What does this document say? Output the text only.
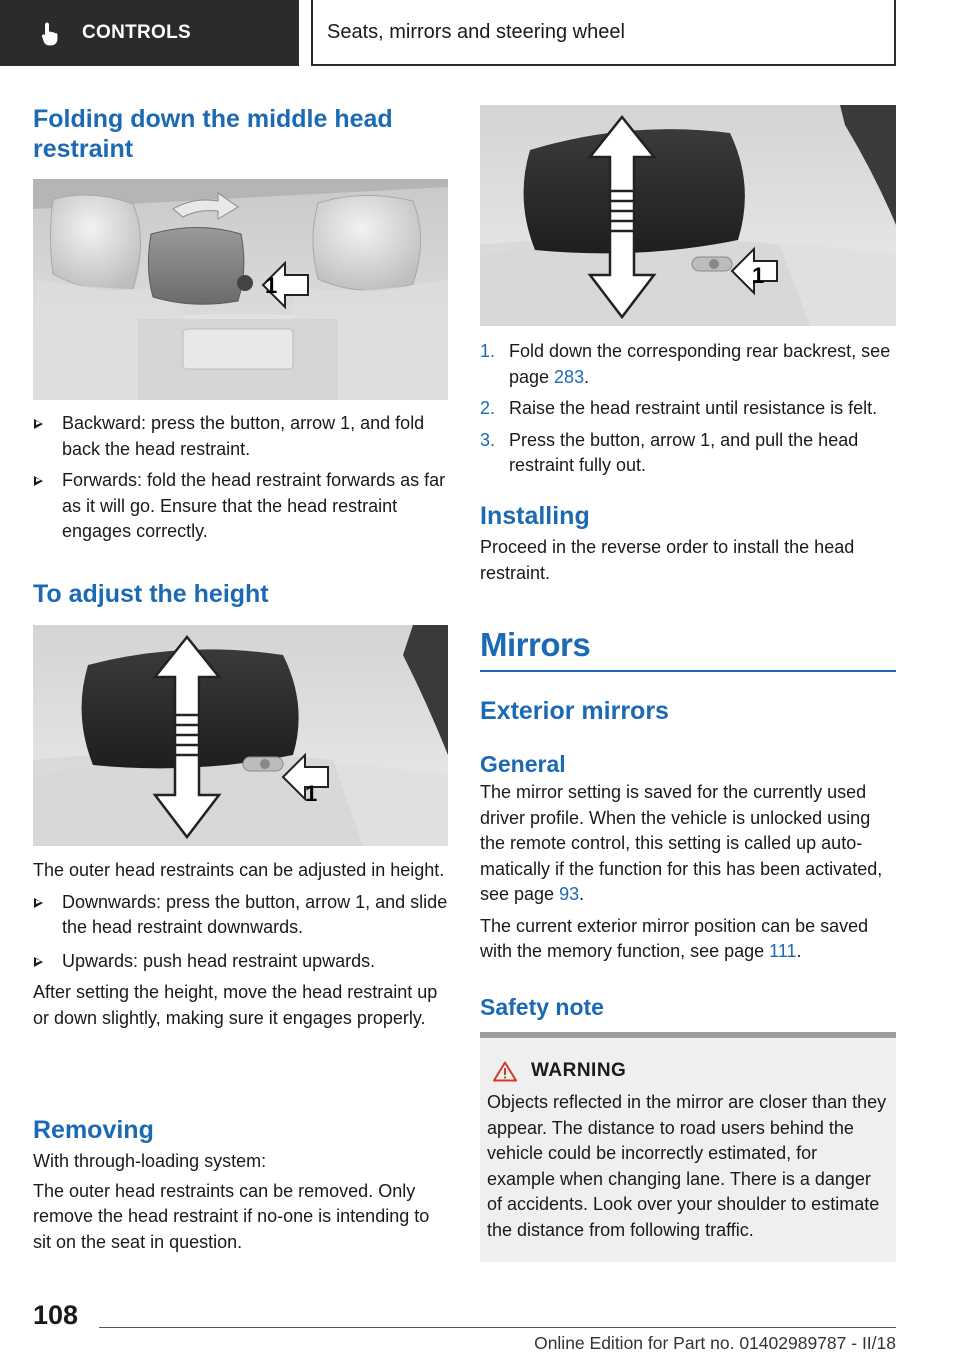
CONTROLS	Seats, mirrors and steering wheel
Folding down the middle head restraint
1
Backward: press the button, arrow 1, and fold back the head restraint.
Forwards: fold the head restraint forwards as far as it will go. Ensure that the head restraint engages correctly.
To adjust the height
1

The outer head restraints can be adjusted in height.

Downwards: press the button, arrow 1, and slide the head restraint downwards.
Upwards: push head restraint upwards.

After setting the height, move the head restraint up or down slightly, making sure it engages properly.

Removing

With through-loading system:

The outer head restraints can be removed. Only remove the head restraint if no-one is intending to sit on the seat in question.

1
1. Fold down the corresponding rear backrest, see page 283.
2. Raise the head restraint until resistance is felt.
3. Press the button, arrow 1, and pull the head restraint fully out.
Installing

Proceed in the reverse order to install the head restraint.

Mirrors
Exterior mirrors
General

The mirror setting is saved for the currently used driver profile. When the vehicle is unlocked using the remote control, this setting is called up automatically if the function for this has been activated, see page 93.

The current exterior mirror position can be saved with the memory function, see page 111.

Safety note
WARNING

Objects reflected in the mirror are closer than they appear. The distance to road users behind the vehicle could be incorrectly estimated, for example when changing lane. There is a danger of accidents. Look over your shoulder to estimate the distance from following traffic.

108
Online Edition for Part no. 01402989787 - II/18
